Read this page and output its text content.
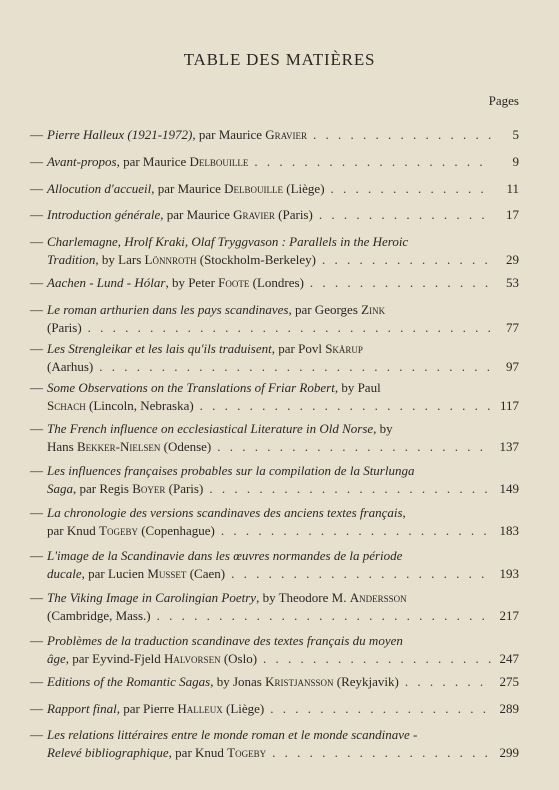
TABLE DES MATIÈRES
Pages
— Pierre Halleux (1921-1972), par Maurice Gravier . . .	5
— Avant-propos, par Maurice Delbouille . . .	9
— Allocution d'accueil, par Maurice Delbouille (Liège) . . .	11
— Introduction générale, par Maurice Gravier (Paris) . . .	17
— Charlemagne, Hrolf Kraki, Olaf Tryggvason : Parallels in the Heroic
Tradition, by Lars Lönnroth (Stockholm-Berkeley) . . .	29
— Aachen - Lund - Hólar, by Peter Foote (Londres) . . .	53
— Le roman arthurien dans les pays scandinaves, par Georges Zink
(Paris) . . .	77
— Les Strengleikar et les lais qu'ils traduisent, par Povl Skårup
(Aarhus) . . .	97
— Some Observations on the Translations of Friar Robert, by Paul
Schach (Lincoln, Nebraska) . . .	117
— The French influence on ecclesiastical Literature in Old Norse, by
Hans Bekker-Nielsen (Odense) . . .	137
— Les influences françaises probables sur la compilation de la Sturlunga
Saga, par Regis Boyer (Paris) . . .	149
— La chronologie des versions scandinaves des anciens textes français,
par Knud Togeby (Copenhague) . . .	183
— L'image de la Scandinavie dans les œuvres normandes de la période
ducale, par Lucien Musset (Caen) . . .	193
— The Viking Image in Carolingian Poetry, by Theodore M. Andersson
(Cambridge, Mass.) . . .	217
— Problèmes de la traduction scandinave des textes français du moyen
âge, par Eyvind-Fjeld Halvorsen (Oslo) . . .	247
— Editions of the Romantic Sagas, by Jonas Kristjansson (Reykjavik) . . .	275
— Rapport final, par Pierre Halleux (Liège) . . .	289
— Les relations littéraires entre le monde roman et le monde scandinave -
Relevé bibliographique, par Knud Togeby . . .	299
